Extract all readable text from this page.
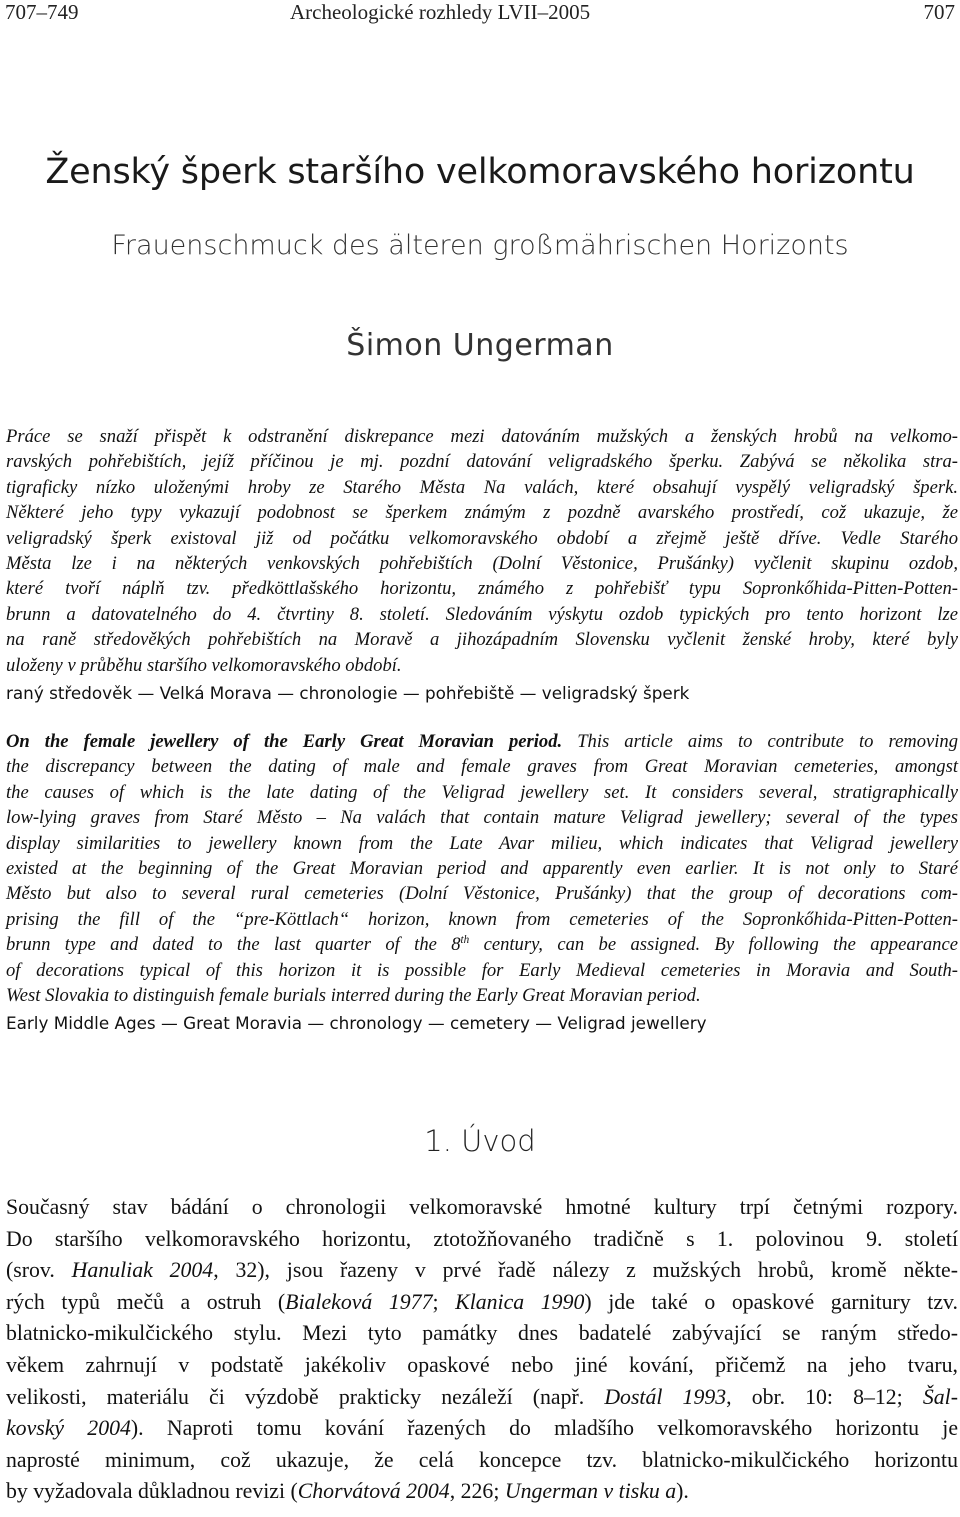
707–749	Archeologické rozhledy LVII–2005	707
Ženský šperk staršího velkomoravského horizontu
Frauenschmuck des älteren großmährischen Horizonts
Šimon Ungerman
Práce se snaží přispět k odstranění diskrepance mezi datováním mužských a ženských hrobů na velkomo-
ravských pohřebištích, jejíž příčinou je mj. pozdní datování veligradského šperku. Zabývá se několika stra-
tigraficky nízko uloženými hroby ze Starého Města Na valách, které obsahují vyspělý veligradský šperk.
Některé jeho typy vykazují podobnost se šperkem známým z pozdně avarského prostředí, což ukazuje, že
veligradský šperk existoval již od počátku velkomoravského období a zřejmě ještě dříve. Vedle Starého
Města lze i na některých venkovských pohřebištích (Dolní Věstonice, Prušánky) vyčlenit skupinu ozdob,
které tvoří náplň tzv. předköttlašského horizontu, známého z pohřebišť typu Sopronkőhida-Pitten-Potten-
brunn a datovatelného do 4. čtvrtiny 8. století. Sledováním výskytu ozdob typických pro tento horizont lze
na raně středověkých pohřebištích na Moravě a jihozápadním Slovensku vyčlenit ženské hroby, které byly
uloženy v průběhu staršího velkomoravského období.
raný středověk — Velká Morava — chronologie — pohřebiště — veligradský šperk
On the female jewellery of the Early Great Moravian period. This article aims to contribute to removing
the discrepancy between the dating of male and female graves from Great Moravian cemeteries, amongst
the causes of which is the late dating of the Veligrad jewellery set. It considers several, stratigraphically
low-lying graves from Staré Město – Na valách that contain mature Veligrad jewellery; several of the types
display similarities to jewellery known from the Late Avar milieu, which indicates that Veligrad jewellery
existed at the beginning of the Great Moravian period and apparently even earlier. It is not only to Staré
Město but also to several rural cemeteries (Dolní Věstonice, Prušánky) that the group of decorations com-
prising the fill of the “pre-Köttlach“ horizon, known from cemeteries of the Sopronkőhida-Pitten-Potten-
brunn type and dated to the last quarter of the 8th century, can be assigned. By following the appearance
of decorations typical of this horizon it is possible for Early Medieval cemeteries in Moravia and South-
West Slovakia to distinguish female burials interred during the Early Great Moravian period.
Early Middle Ages — Great Moravia — chronology — cemetery — Veligrad jewellery
1. Úvod
Současný stav bádání o chronologii velkomoravské hmotné kultury trpí četnými rozpory.
Do staršího velkomoravského horizontu, ztotožňovaného tradičně s 1. polovinou 9. století
(srov. Hanuliak 2004, 32), jsou řazeny v prvé řadě nálezy z mužských hrobů, kromě někte-
rých typů mečů a ostruh (Bialeková 1977; Klanica 1990) jde také o opaskové garnitury tzv.
blatnicko-mikulčického stylu. Mezi tyto památky dnes badatelé zabývající se raným středo-
věkem zahrnují v podstatě jakékoliv opaskové nebo jiné kování, přičemž na jeho tvaru,
velikosti, materiálu či výzdobě prakticky nezáleží (např. Dostál 1993, obr. 10: 8–12; Šal-
kovský 2004). Naproti tomu kování řazených do mladšího velkomoravského horizontu je
naprosté minimum, což ukazuje, že celá koncepce tzv. blatnicko-mikulčického horizontu
by vyžadovala důkladnou revizi (Chorvátová 2004, 226; Ungerman v tisku a).
